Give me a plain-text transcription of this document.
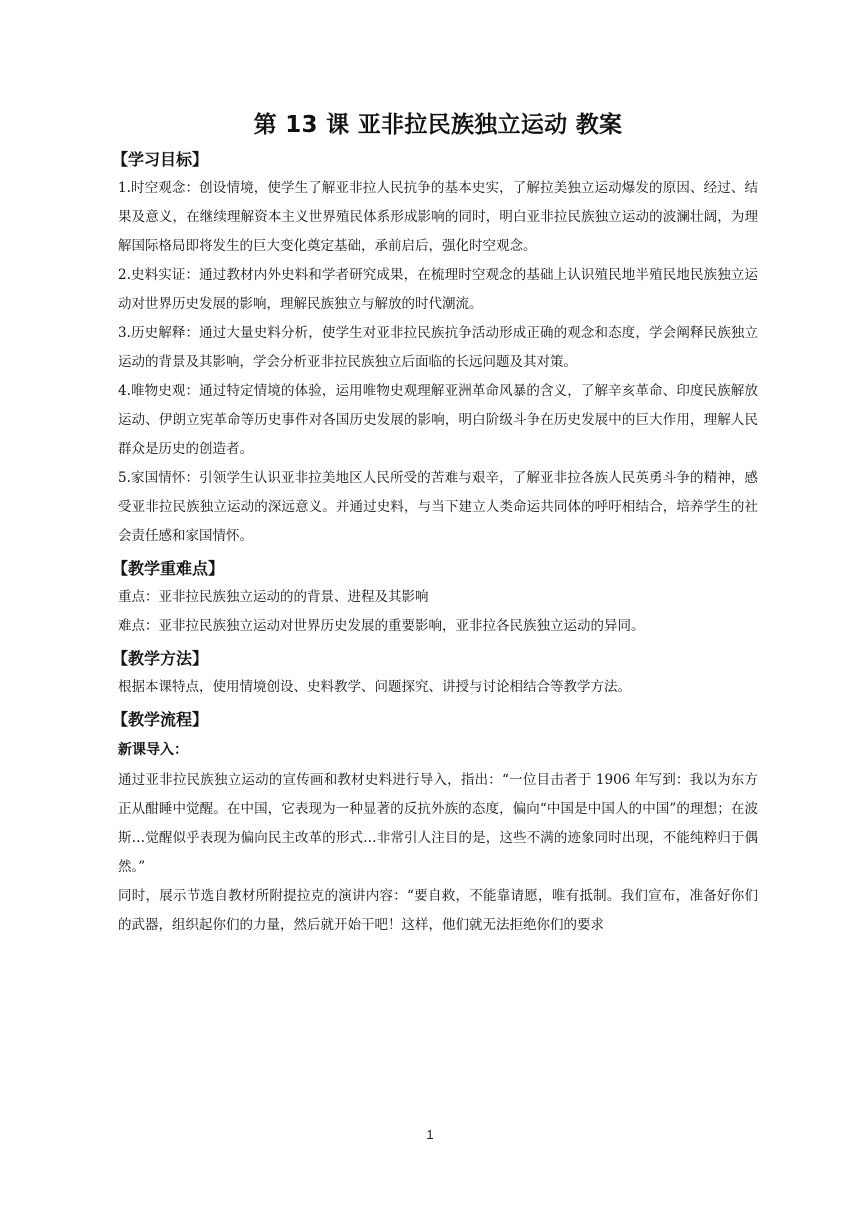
第 13 课 亚非拉民族独立运动 教案
【学习目标】

1.时空观念：创设情境，使学生了解亚非拉人民抗争的基本史实，了解拉美独立运动爆发的原因、经过、结果及意义，在继续理解资本主义世界殖民体系形成影响的同时，明白亚非拉民族独立运动的波澜壮阔，为理解国际格局即将发生的巨大变化奠定基础，承前启后，强化时空观念。

2.史料实证：通过教材内外史料和学者研究成果，在梳理时空观念的基础上认识殖民地半殖民地民族独立运动对世界历史发展的影响，理解民族独立与解放的时代潮流。

3.历史解释：通过大量史料分析，使学生对亚非拉民族抗争活动形成正确的观念和态度，学会阐释民族独立运动的背景及其影响，学会分析亚非拉民族独立后面临的长远问题及其对策。

4.唯物史观：通过特定情境的体验，运用唯物史观理解亚洲革命风暴的含义，了解辛亥革命、印度民族解放运动、伊朗立宪革命等历史事件对各国历史发展的影响，明白阶级斗争在历史发展中的巨大作用，理解人民群众是历史的创造者。

5.家国情怀：引领学生认识亚非拉美地区人民所受的苦难与艰辛，了解亚非拉各族人民英勇斗争的精神，感受亚非拉民族独立运动的深远意义。并通过史料，与当下建立人类命运共同体的呼吁相结合，培养学生的社会责任感和家国情怀。

【教学重难点】

重点：亚非拉民族独立运动的的背景、进程及其影响

难点：亚非拉民族独立运动对世界历史发展的重要影响，亚非拉各民族独立运动的异同。

【教学方法】

根据本课特点，使用情境创设、史料教学、问题探究、讲授与讨论相结合等教学方法。

【教学流程】
新课导入：

通过亚非拉民族独立运动的宣传画和教材史料进行导入，指出：“一位目击者于 1906 年写到：我以为东方正从酣睡中觉醒。在中国，它表现为一种显著的反抗外族的态度，偏向“中国是中国人的中国”的理想；在波斯…觉醒似乎表现为偏向民主改革的形式…非常引人注目的是，这些不满的迹象同时出现，不能纯粹归于偶然。”

同时，展示节选自教材所附提拉克的演讲内容：“要自救，不能靠请愿，唯有抵制。我们宣布，准备好你们的武器，组织起你们的力量，然后就开始干吧！这样，他们就无法拒绝你们的要求

1
